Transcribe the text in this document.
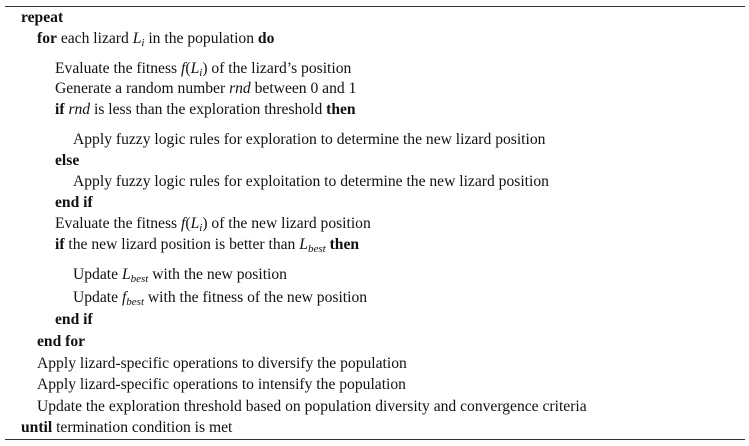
repeat
for each lizard Li in the population do
Evaluate the fitness f(Li) of the lizard’s position
Generate a random number rnd between 0 and 1
if rnd is less than the exploration threshold then
Apply fuzzy logic rules for exploration to determine the new lizard position
else
Apply fuzzy logic rules for exploitation to determine the new lizard position
end if
Evaluate the fitness f(Li) of the new lizard position
if the new lizard position is better than Lbest then
Update Lbest with the new position
Update fbest with the fitness of the new position
end if
end for
Apply lizard-specific operations to diversify the population
Apply lizard-specific operations to intensify the population
Update the exploration threshold based on population diversity and convergence criteria
until termination condition is met
